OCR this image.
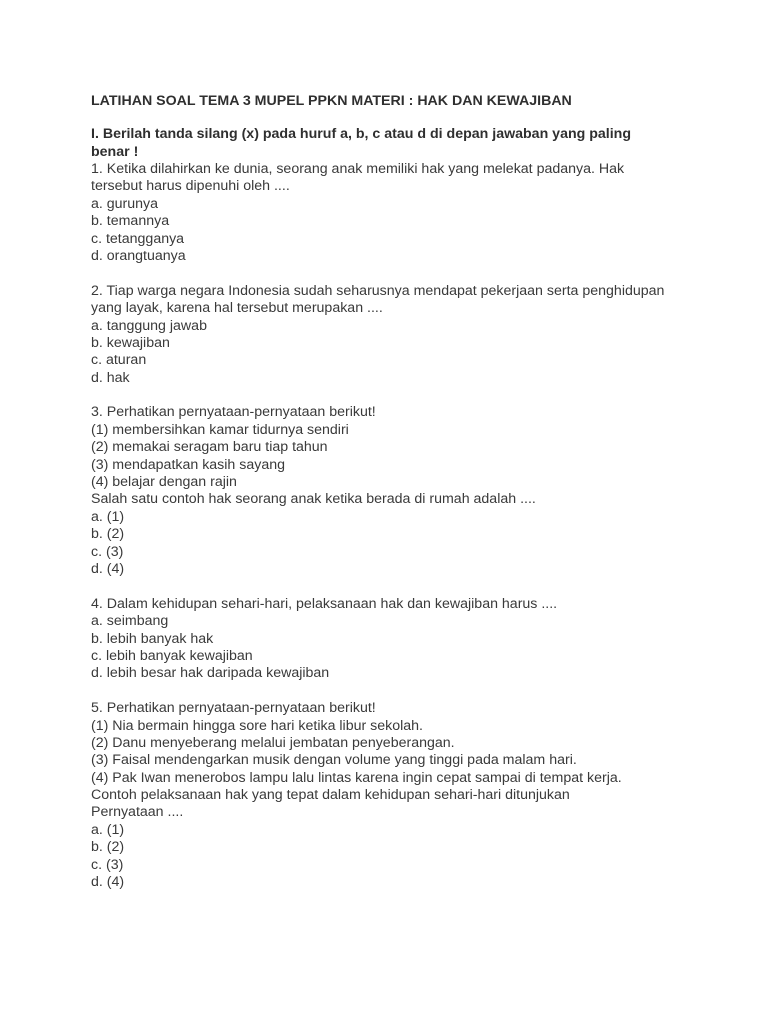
LATIHAN SOAL TEMA 3 MUPEL PPKN MATERI : HAK DAN KEWAJIBAN
I. Berilah tanda silang (x) pada huruf a, b, c atau d di depan jawaban yang paling
benar !
1. Ketika dilahirkan ke dunia, seorang anak memiliki hak yang melekat padanya. Hak
tersebut harus dipenuhi oleh ....
a. gurunya
b. temannya
c. tetangganya
d. orangtuanya
2. Tiap warga negara Indonesia sudah seharusnya mendapat pekerjaan serta penghidupan
yang layak, karena hal tersebut merupakan ....
a. tanggung jawab
b. kewajiban
c. aturan
d. hak
3. Perhatikan pernyataan-pernyataan berikut!
(1) membersihkan kamar tidurnya sendiri
(2) memakai seragam baru tiap tahun
(3) mendapatkan kasih sayang
(4) belajar dengan rajin
Salah satu contoh hak seorang anak ketika berada di rumah adalah ....
a. (1)
b. (2)
c. (3)
d. (4)
4. Dalam kehidupan sehari-hari, pelaksanaan hak dan kewajiban harus ....
a. seimbang
b. lebih banyak hak
c. lebih banyak kewajiban
d. lebih besar hak daripada kewajiban
5. Perhatikan pernyataan-pernyataan berikut!
(1) Nia bermain hingga sore hari ketika libur sekolah.
(2) Danu menyeberang melalui jembatan penyeberangan.
(3) Faisal mendengarkan musik dengan volume yang tinggi pada malam hari.
(4) Pak Iwan menerobos lampu lalu lintas karena ingin cepat sampai di tempat kerja.
Contoh pelaksanaan hak yang tepat dalam kehidupan sehari-hari ditunjukan
Pernyataan ....
a. (1)
b. (2)
c. (3)
d. (4)
